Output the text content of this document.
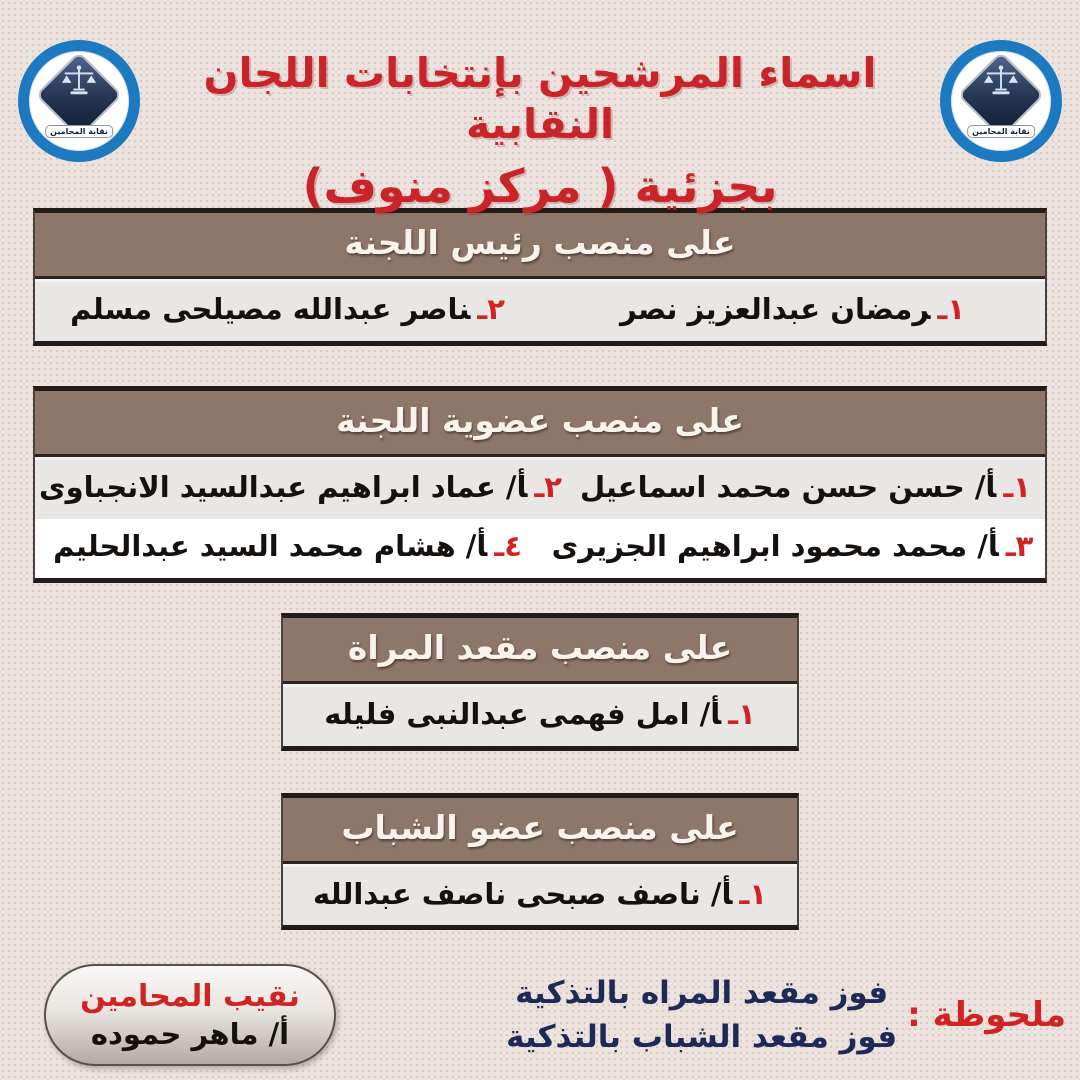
نقابة المحامين
اسماء المرشحين بإنتخابات اللجان النقابية
بجزئية ( مركز منوف)
نقابة المحامين
على منصب رئيس اللجنة
١ـرمضان عبدالعزيز نصر
٢ـناصر عبدالله مصيلحى مسلم
على منصب عضوية اللجنة
١ـأ/ حسن حسن محمد اسماعيل
٢ـأ/ عماد ابراهيم عبدالسيد الانجباوى
٣ـأ/ محمد محمود ابراهيم الجزيرى
٤ـأ/ هشام محمد السيد عبدالحليم
على منصب مقعد المراة
١ـأ/ امل فهمى عبدالنبى فليله
على منصب عضو الشباب
١ـأ/ ناصف صبحى ناصف عبدالله
ملحوظة :
فوز مقعد المراه بالتذكية
فوز مقعد الشباب بالتذكية
نقيب المحامين
أ/ ماهر حموده
